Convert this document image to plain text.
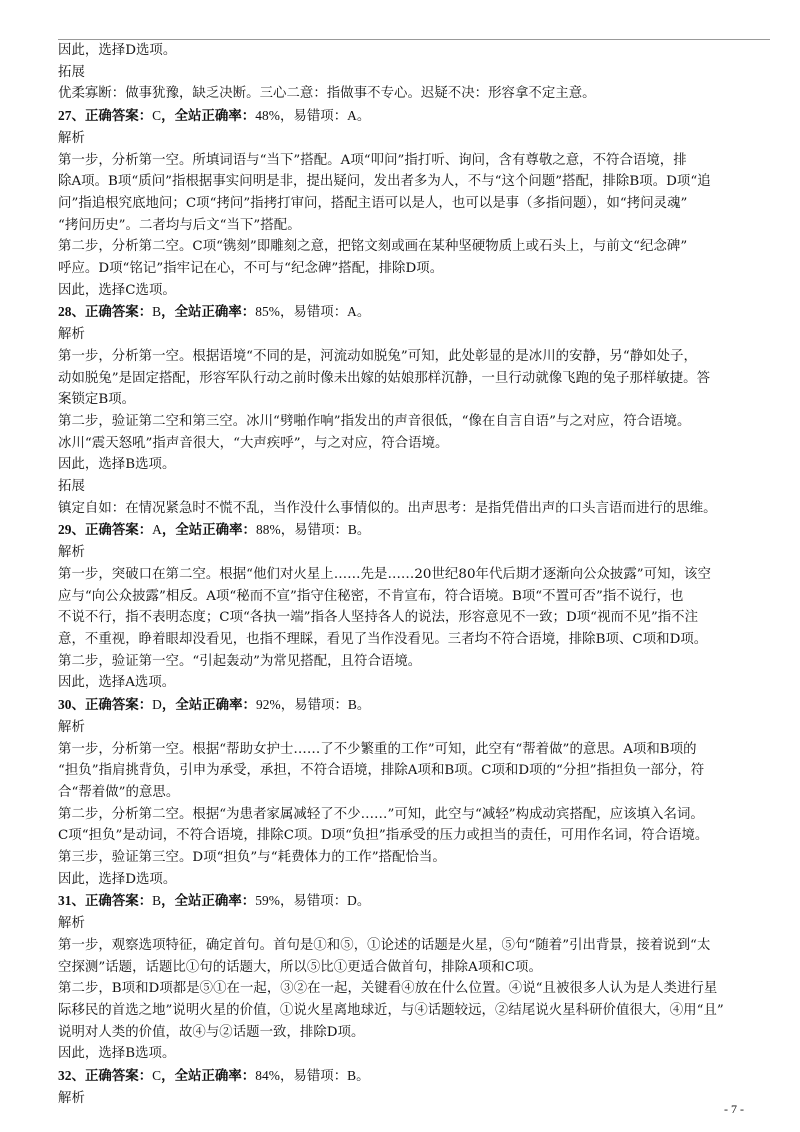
因此，选择D选项。
拓展
优柔寡断：做事犹豫，缺乏决断。三心二意：指做事不专心。迟疑不决：形容拿不定主意。
27、正确答案：C，全站正确率：48%，易错项：A。
解析
第一步，分析第一空。所填词语与“当下”搭配。A项“叩问”指打听、询问，含有尊敬之意，不符合语境，排
除A项。B项“质问”指根据事实问明是非，提出疑问，发出者多为人，不与“这个问题”搭配，排除B项。D项“追
问”指追根究底地问；C项“拷问”指拷打审问，搭配主语可以是人，也可以是事（多指问题），如“拷问灵魂”
“拷问历史”。二者均与后文“当下”搭配。
第二步，分析第二空。C项“镌刻”即雕刻之意，把铭文刻或画在某种坚硬物质上或石头上，与前文“纪念碑”
呼应。D项“铭记”指牢记在心，不可与“纪念碑”搭配，排除D项。
因此，选择C选项。
28、正确答案：B，全站正确率：85%，易错项：A。
解析
第一步，分析第一空。根据语境“不同的是，河流动如脱兔”可知，此处彰显的是冰川的安静，另“静如处子，
动如脱兔”是固定搭配，形容军队行动之前时像未出嫁的姑娘那样沉静，一旦行动就像飞跑的兔子那样敏捷。答
案锁定B项。
第二步，验证第二空和第三空。冰川“劈啪作响”指发出的声音很低，“像在自言自语”与之对应，符合语境。
冰川“震天怒吼”指声音很大，“大声疾呼”，与之对应，符合语境。
因此，选择B选项。
拓展
镇定自如：在情况紧急时不慌不乱，当作没什么事情似的。出声思考：是指凭借出声的口头言语而进行的思维。
29、正确答案：A，全站正确率：88%，易错项：B。
解析
第一步，突破口在第二空。根据“他们对火星上……先是……20世纪80年代后期才逐渐向公众披露”可知，该空
应与“向公众披露”相反。A项“秘而不宣”指守住秘密，不肯宣布，符合语境。B项“不置可否”指不说行，也
不说不行，指不表明态度；C项“各执一端”指各人坚持各人的说法，形容意见不一致；D项“视而不见”指不注
意，不重视，睁着眼却没看见，也指不理睬，看见了当作没看见。三者均不符合语境，排除B项、C项和D项。
第二步，验证第一空。“引起轰动”为常见搭配，且符合语境。
因此，选择A选项。
30、正确答案：D，全站正确率：92%，易错项：B。
解析
第一步，分析第一空。根据“帮助女护士……了不少繁重的工作”可知，此空有“帮着做”的意思。A项和B项的
“担负”指肩挑背负，引申为承受，承担，不符合语境，排除A项和B项。C项和D项的“分担”指担负一部分，符
合“帮着做”的意思。
第二步，分析第二空。根据“为患者家属减轻了不少……”可知，此空与“减轻”构成动宾搭配，应该填入名词。
C项“担负”是动词，不符合语境，排除C项。D项“负担”指承受的压力或担当的责任，可用作名词，符合语境。
第三步，验证第三空。D项“担负”与“耗费体力的工作”搭配恰当。
因此，选择D选项。
31、正确答案：B，全站正确率：59%，易错项：D。
解析
第一步，观察选项特征，确定首句。首句是①和⑤，①论述的话题是火星，⑤句“随着”引出背景，接着说到“太
空探测”话题，话题比①句的话题大，所以⑤比①更适合做首句，排除A项和C项。
第二步，B项和D项都是⑤①在一起，③②在一起，关键看④放在什么位置。④说“且被很多人认为是人类进行星
际移民的首选之地”说明火星的价值，①说火星离地球近，与④话题较远，②结尾说火星科研价值很大，④用“且”
说明对人类的价值，故④与②话题一致，排除D项。
因此，选择B选项。
32、正确答案：C，全站正确率：84%，易错项：B。
解析
- 7 -
